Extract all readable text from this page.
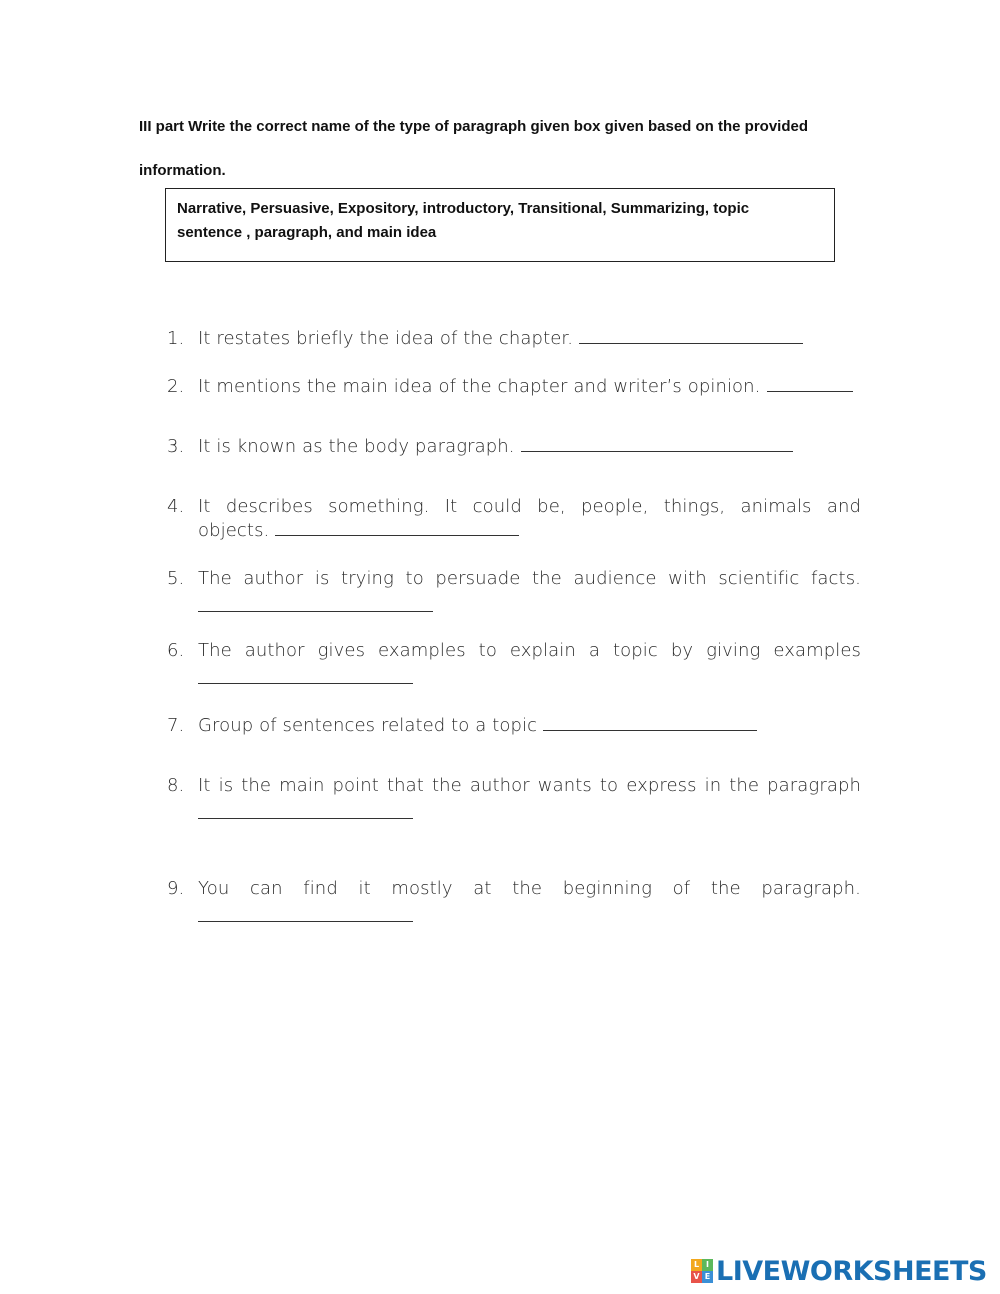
III part Write the correct name of the type of paragraph given box given based on the provided
information.
Narrative, Persuasive, Expository, introductory, Transitional, Summarizing, topic
sentence , paragraph, and main idea
1. It restates briefly the idea of the chapter.
2. It mentions the main idea of the chapter and writer’s opinion.
3. It is known as the body paragraph.
4. It describes something. It could be, people, things, animals and
objects.
5. The author is trying to persuade the audience with scientific facts.
6. The author gives examples to explain a topic by giving examples
7. Group of sentences related to a topic
8. It is the main point that the author wants to express in the paragraph
9. You can find it mostly at the beginning of the paragraph.
L I
V E LIVEWORKSHEETS
